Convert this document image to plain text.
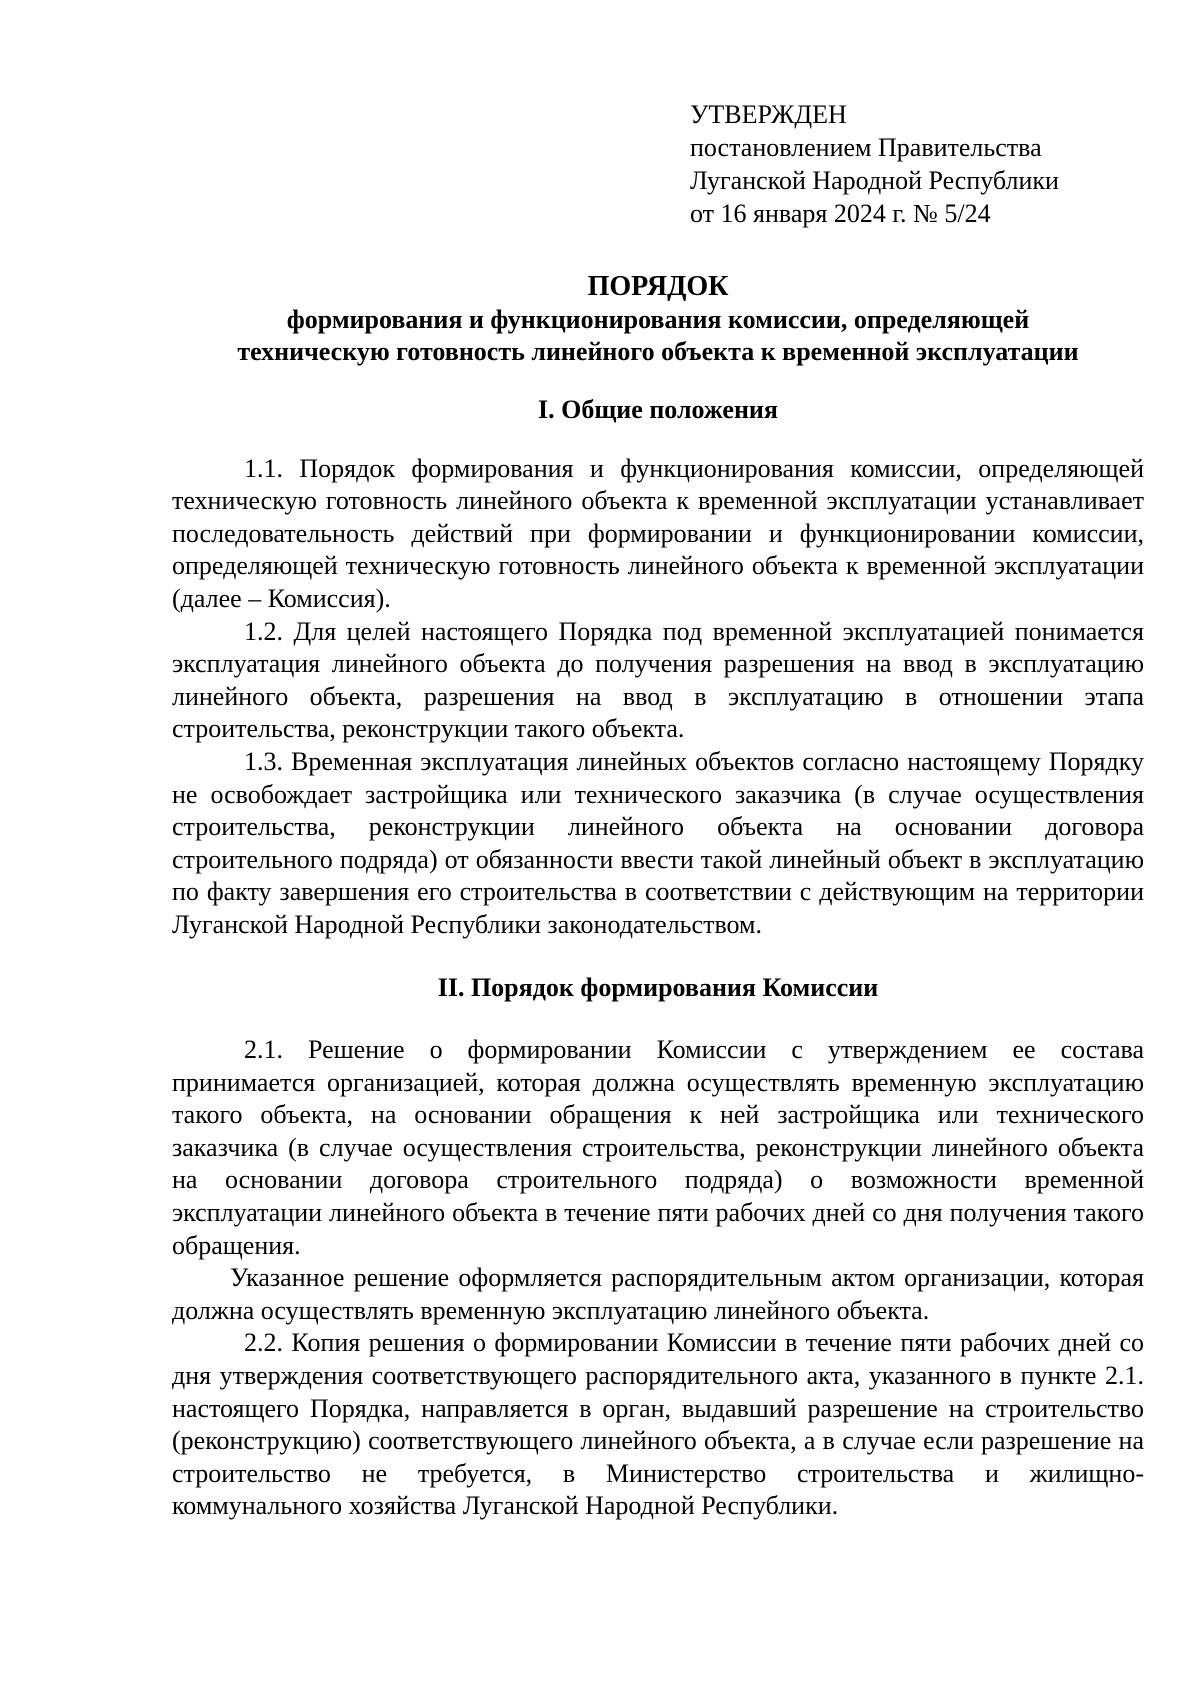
УТВЕРЖДЕН
постановлением Правительства
Луганской Народной Республики
от 16 января 2024 г. № 5/24
ПОРЯДОК
формирования и функционирования комиссии, определяющей
техническую готовность линейного объекта к временной эксплуатации
I. Общие положения

1.1. Порядок формирования и функционирования комиссии, определяющей техническую готовность линейного объекта к временной эксплуатации устанавливает последовательность действий при формировании и функционировании комиссии, определяющей техническую готовность линейного объекта к временной эксплуатации (далее – Комиссия).

1.2. Для целей настоящего Порядка под временной эксплуатацией понимается эксплуатация линейного объекта до получения разрешения на ввод в эксплуатацию линейного объекта, разрешения на ввод в эксплуатацию в отношении этапа строительства, реконструкции такого объекта.

1.3. Временная эксплуатация линейных объектов согласно настоящему Порядку не освобождает застройщика или технического заказчика (в случае осуществления строительства, реконструкции линейного объекта на основании договора строительного подряда) от обязанности ввести такой линейный объект в эксплуатацию по факту завершения его строительства в соответствии с действующим на территории Луганской Народной Республики законодательством.

II. Порядок формирования Комиссии

2.1. Решение о формировании Комиссии с утверждением ее состава принимается организацией, которая должна осуществлять временную эксплуатацию такого объекта, на основании обращения к ней застройщика или технического заказчика (в случае осуществления строительства, реконструкции линейного объекта на основании договора строительного подряда) о возможности временной эксплуатации линейного объекта в течение пяти рабочих дней со дня получения такого обращения.

Указанное решение оформляется распорядительным актом организации, которая должна осуществлять временную эксплуатацию линейного объекта.

2.2. Копия решения о формировании Комиссии в течение пяти рабочих дней со дня утверждения соответствующего распорядительного акта, указанного в пункте 2.1. настоящего Порядка, направляется в орган, выдавший разрешение на строительство (реконструкцию) соответствующего линейного объекта, а в случае если разрешение на строительство не требуется, в Министерство строительства и жилищно-коммунального хозяйства Луганской Народной Республики.
